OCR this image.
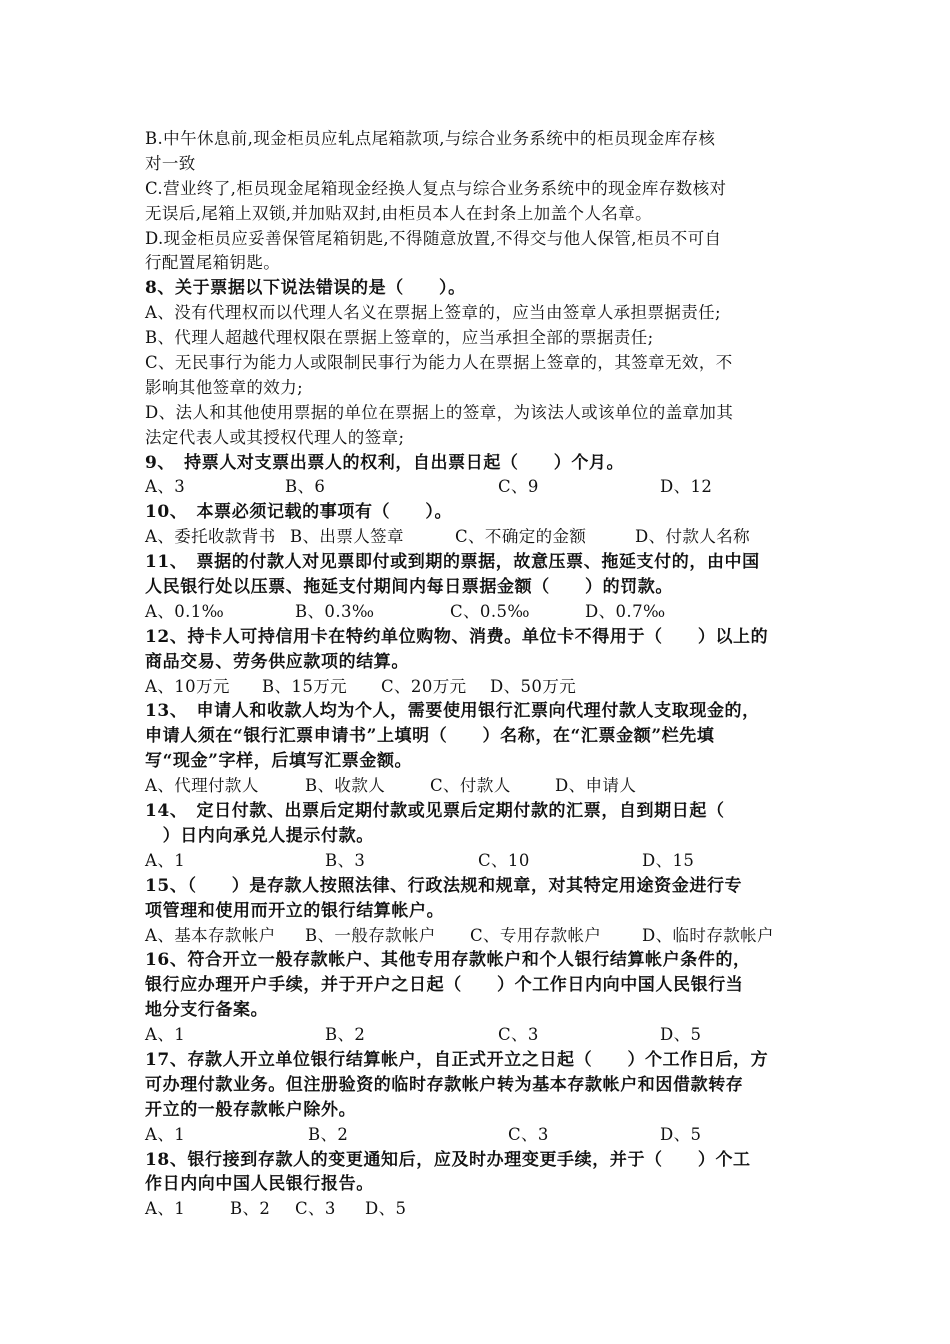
B.中午休息前,现金柜员应轧点尾箱款项,与综合业务系统中的柜员现金库存核
对一致
C.营业终了,柜员现金尾箱现金经换人复点与综合业务系统中的现金库存数核对
无误后,尾箱上双锁,并加贴双封,由柜员本人在封条上加盖个人名章。
D.现金柜员应妥善保管尾箱钥匙,不得随意放置,不得交与他人保管,柜员不可自
行配置尾箱钥匙。
8、关于票据以下说法错误的是（　　）。
A、没有代理权而以代理人名义在票据上签章的，应当由签章人承担票据责任;
B、代理人超越代理权限在票据上签章的，应当承担全部的票据责任;
C、无民事行为能力人或限制民事行为能力人在票据上签章的，其签章无效，不
影响其他签章的效力;
D、法人和其他使用票据的单位在票据上的签章，为该法人或该单位的盖章加其
法定代表人或其授权代理人的签章;
9、　持票人对支票出票人的权利，自出票日起（　　）个月。
A、3	B、6	C、9	D、12
10、　本票必须记载的事项有（　　）。
A、委托收款背书 B、出票人签章	C、不确定的金额	D、付款人名称
11、　票据的付款人对见票即付或到期的票据，故意压票、拖延支付的，由中国
人民银行处以压票、拖延支付期间内每日票据金额（　　）的罚款。
A、0.1‰	B、0.3‰	C、0.5‰	D、0.7‰
12、持卡人可持信用卡在特约单位购物、消费。单位卡不得用于（　　）以上的
商品交易、劳务供应款项的结算。
A、10万元 B、15万元 C、20万元 D、50万元
13、　申请人和收款人均为个人，需要使用银行汇票向代理付款人支取现金的，
申请人须在“银行汇票申请书”上填明（　　）名称，在“汇票金额”栏先填
写“现金”字样，后填写汇票金额。
A、代理付款人	B、收款人	C、付款人	D、申请人
14、　定日付款、出票后定期付款或见票后定期付款的汇票，自到期日起（
　）日内向承兑人提示付款。
A、1	B、3	C、10	D、15
15、（　　）是存款人按照法律、行政法规和规章，对其特定用途资金进行专
项管理和使用而开立的银行结算帐户。
A、基本存款帐户 B、一般存款帐户 C、专用存款帐户 D、临时存款帐户
16、符合开立一般存款帐户、其他专用存款帐户和个人银行结算帐户条件的，
银行应办理开户手续，并于开户之日起（　　）个工作日内向中国人民银行当
地分支行备案。
A、1	B、2	C、3	D、5
17、存款人开立单位银行结算帐户，自正式开立之日起（　　）个工作日后，方
可办理付款业务。但注册验资的临时存款帐户转为基本存款帐户和因借款转存
开立的一般存款帐户除外。
A、1	B、2	C、3	D、5
18、银行接到存款人的变更通知后，应及时办理变更手续，并于（　　）个工
作日内向中国人民银行报告。
A、1	B、2 C、3 D、5
